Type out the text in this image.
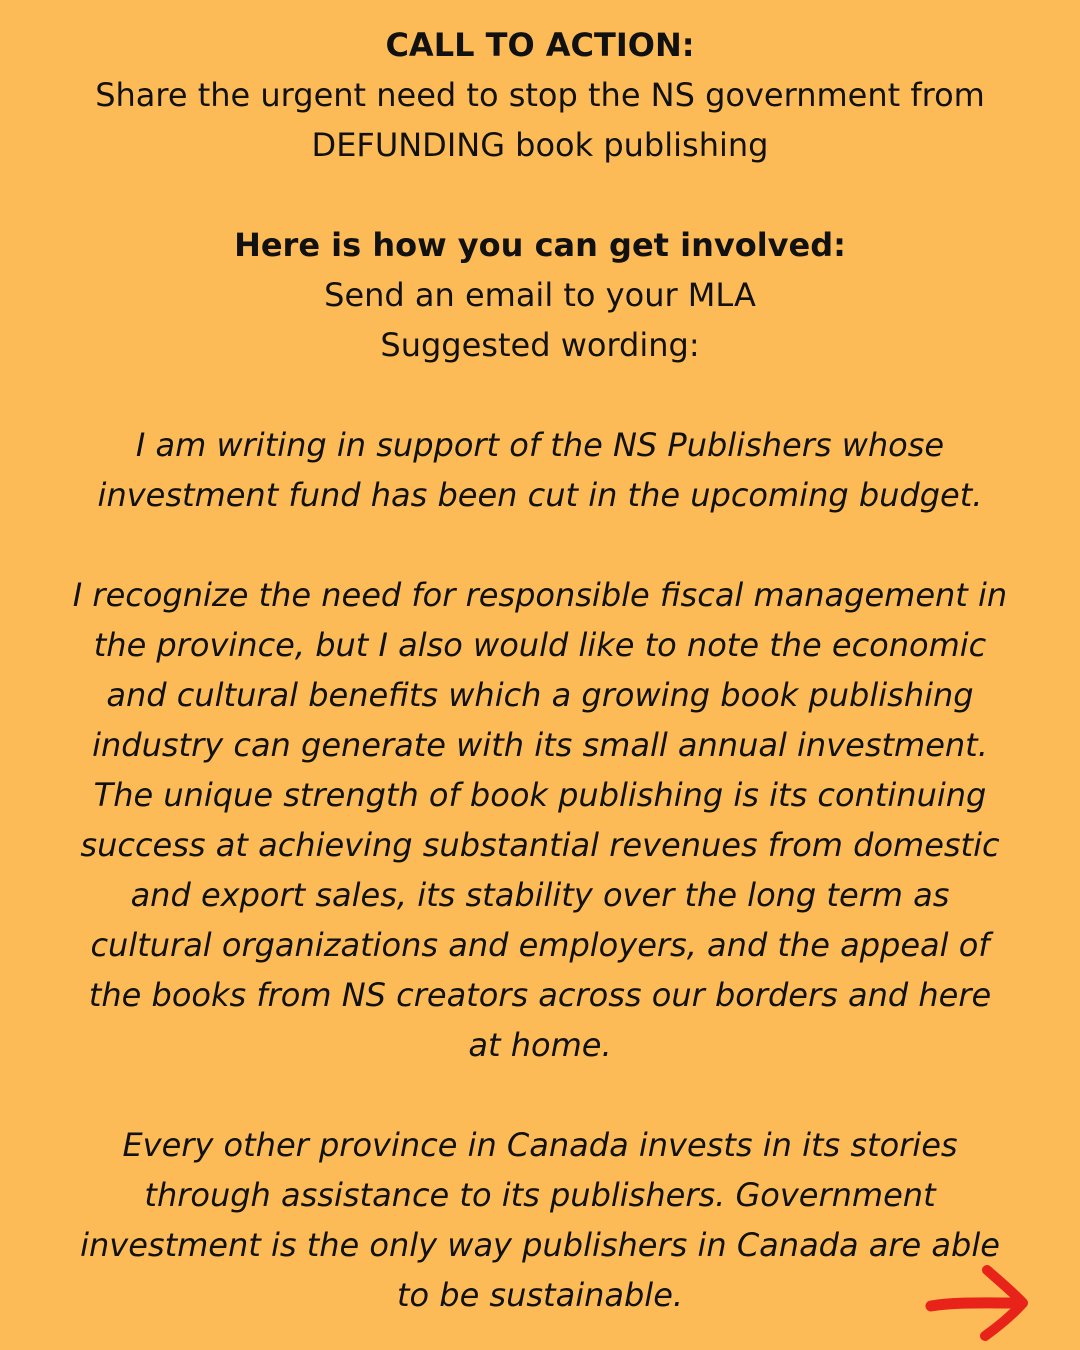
CALL TO ACTION:
Share the urgent need to stop the NS government from
DEFUNDING book publishing
Here is how you can get involved:
Send an email to your MLA
Suggested wording:
I am writing in support of the NS Publishers whose
investment fund has been cut in the upcoming budget.
I recognize the need for responsible fiscal management in
the province, but I also would like to note the economic
and cultural benefits which a growing book publishing
industry can generate with its small annual investment.
The unique strength of book publishing is its continuing
success at achieving substantial revenues from domestic
and export sales, its stability over the long term as
cultural organizations and employers, and the appeal of
the books from NS creators across our borders and here
at home.
Every other province in Canada invests in its stories
through assistance to its publishers. Government
investment is the only way publishers in Canada are able
to be sustainable.
